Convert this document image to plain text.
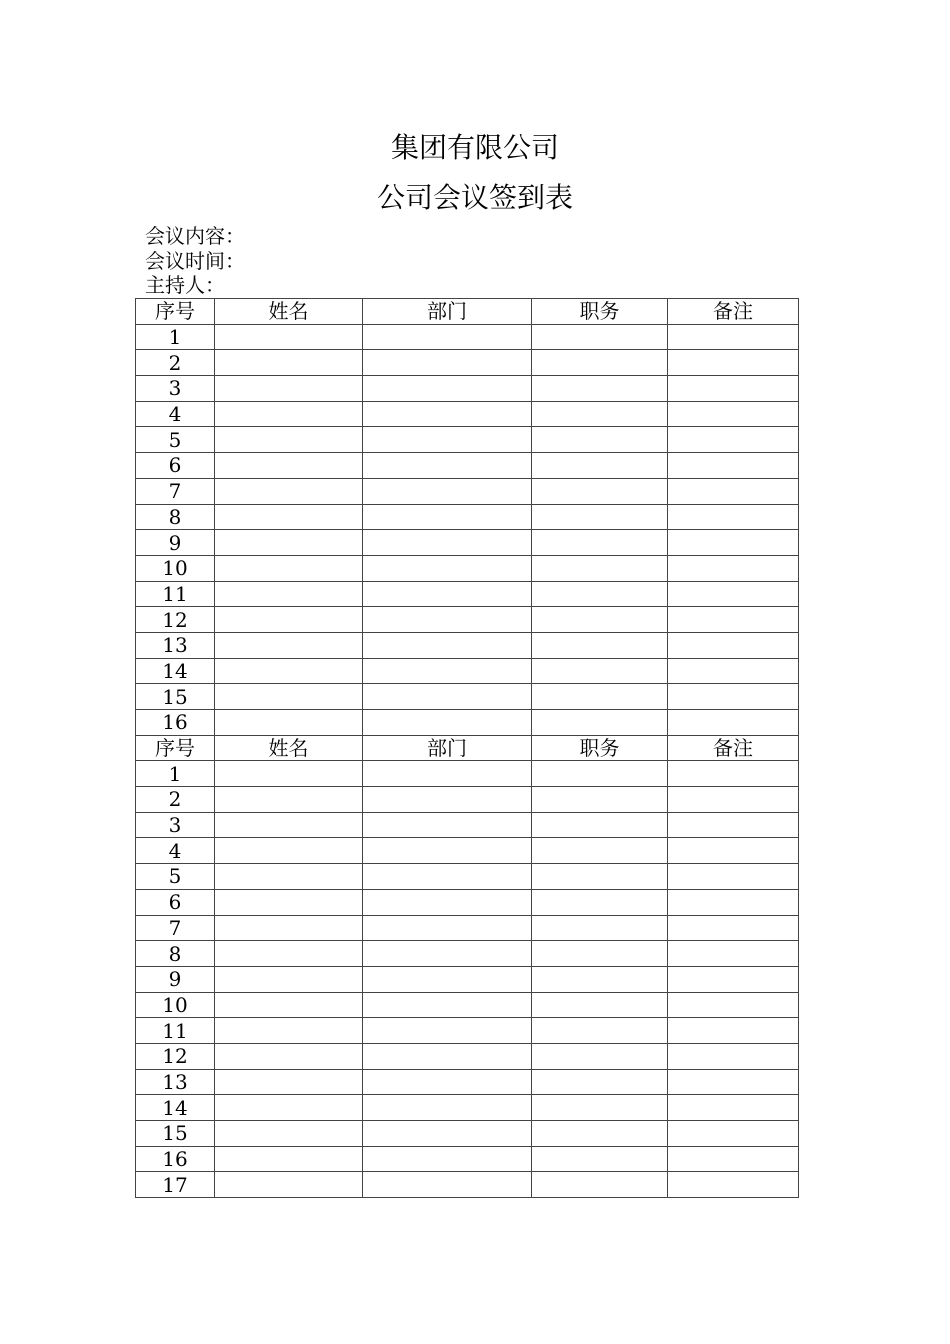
集团有限公司
公司会议签到表
会议内容：
会议时间：
主持人：
序号	姓名	部门	职务	备注
1				
2				
3				
4				
5				
6				
7				
8				
9				
10				
11				
12				
13				
14				
15				
16				
序号	姓名	部门	职务	备注
1				
2				
3				
4				
5				
6				
7				
8				
9				
10				
11				
12				
13				
14				
15				
16				
17				
